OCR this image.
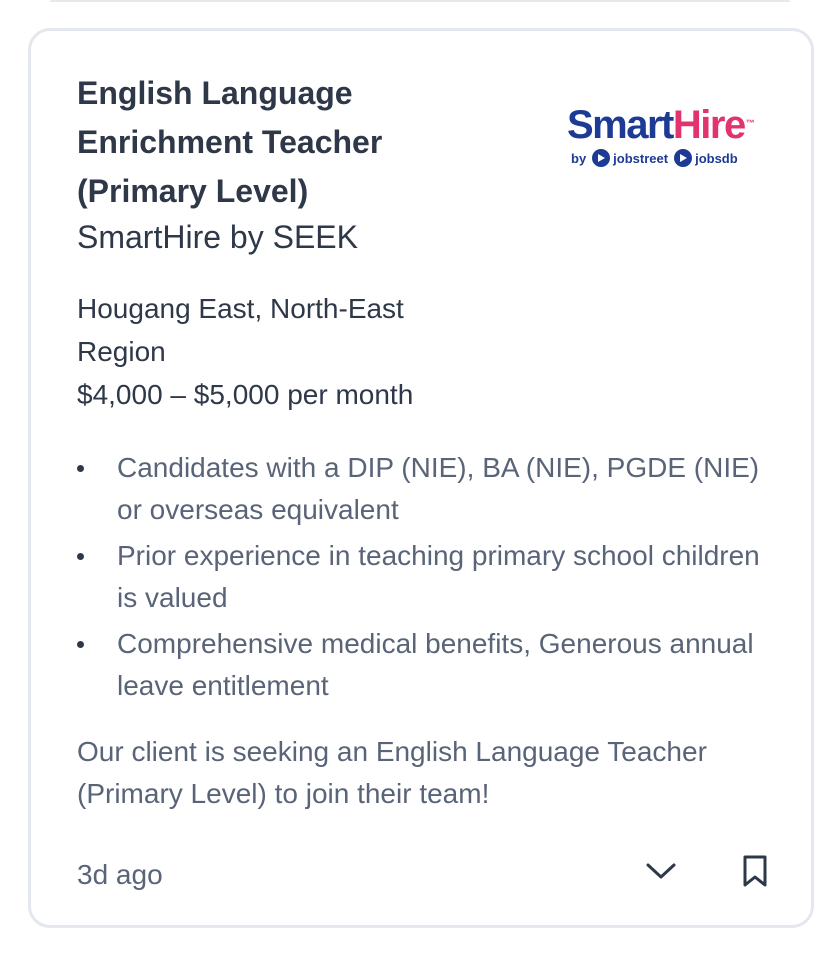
English Language Enrichment Teacher (Primary Level)
SmartHire by SEEK
SmartHire™
by jobstreet jobsdb
Hougang East, North-East Region
$4,000 – $5,000 per month
Candidates with a DIP (NIE), BA (NIE), PGDE (NIE) or overseas equivalent
Prior experience in teaching primary school children is valued
Comprehensive medical benefits, Generous annual leave entitlement
Our client is seeking an English Language Teacher (Primary Level) to join their team!
3d ago
